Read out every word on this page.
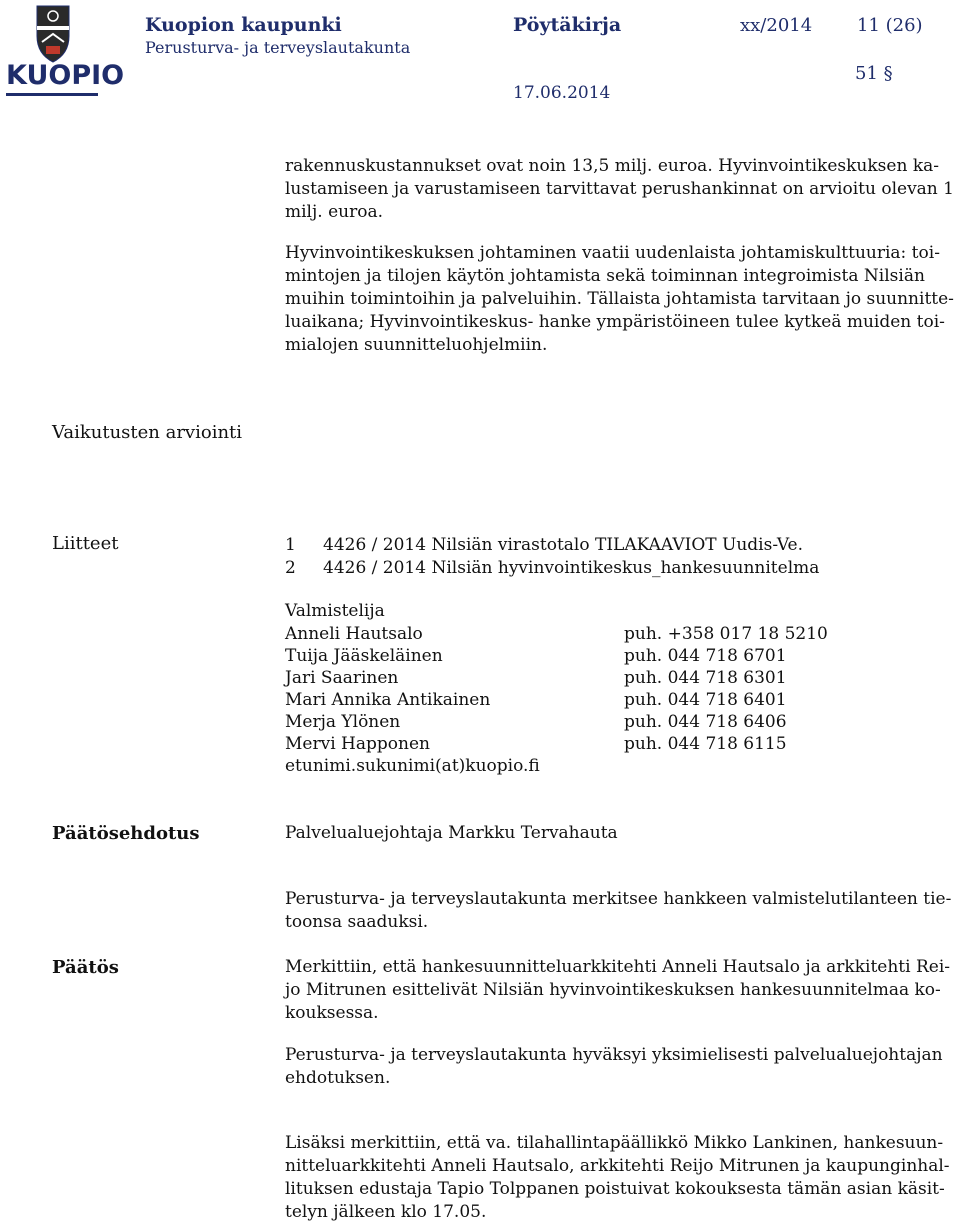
KUOPIO
Kuopion kaupunki
Perusturva- ja terveyslautakunta
Pöytäkirja	xx/2014 11 (26)
51 §
17.06.2014
rakennuskustannukset ovat noin 13,5 milj. euroa. Hyvinvointikeskuksen ka-
lustamiseen ja varustamiseen tarvittavat perushankinnat on arvioitu olevan 1
milj. euroa.
Hyvinvointikeskuksen johtaminen vaatii uudenlaista johtamiskulttuuria: toi-
mintojen ja tilojen käytön johtamista sekä toiminnan integroimista Nilsiän
muihin toimintoihin ja palveluihin. Tällaista johtamista tarvitaan jo suunnitte-
luaikana; Hyvinvointikeskus- hanke ympäristöineen tulee kytkeä muiden toi-
mialojen suunnitteluohjelmiin.
Vaikutusten arviointi
Liitteet	1 4426 / 2014 Nilsiän virastotalo TILAKAAVIOT Uudis-Ve.
2 4426 / 2014 Nilsiän hyvinvointikeskus_hankesuunnitelma
Valmistelija
Anneli Hautsalo	puh. +358 017 18 5210
Tuija Jääskeläinen	puh. 044 718 6701
Jari Saarinen	puh. 044 718 6301
Mari Annika Antikainen	puh. 044 718 6401
Merja Ylönen	puh. 044 718 6406
Mervi Happonen	puh. 044 718 6115
etunimi.sukunimi(at)kuopio.fi
Päätösehdotus	Palvelualuejohtaja Markku Tervahauta
Perusturva- ja terveyslautakunta merkitsee hankkeen valmistelutilanteen tie-
toonsa saaduksi.
Päätös	Merkittiin, että hankesuunnitteluarkkitehti Anneli Hautsalo ja arkkitehti Rei-
jo Mitrunen esittelivät Nilsiän hyvinvointikeskuksen hankesuunnitelmaa ko-
kouksessa.
Perusturva- ja terveyslautakunta hyväksyi yksimielisesti palvelualuejohtajan
ehdotuksen.
Lisäksi merkittiin, että va. tilahallintapäällikkö Mikko Lankinen, hankesuun-
nitteluarkkitehti Anneli Hautsalo, arkkitehti Reijo Mitrunen ja kaupunginhal-
lituksen edustaja Tapio Tolppanen poistuivat kokouksesta tämän asian käsit-
telyn jälkeen klo 17.05.
